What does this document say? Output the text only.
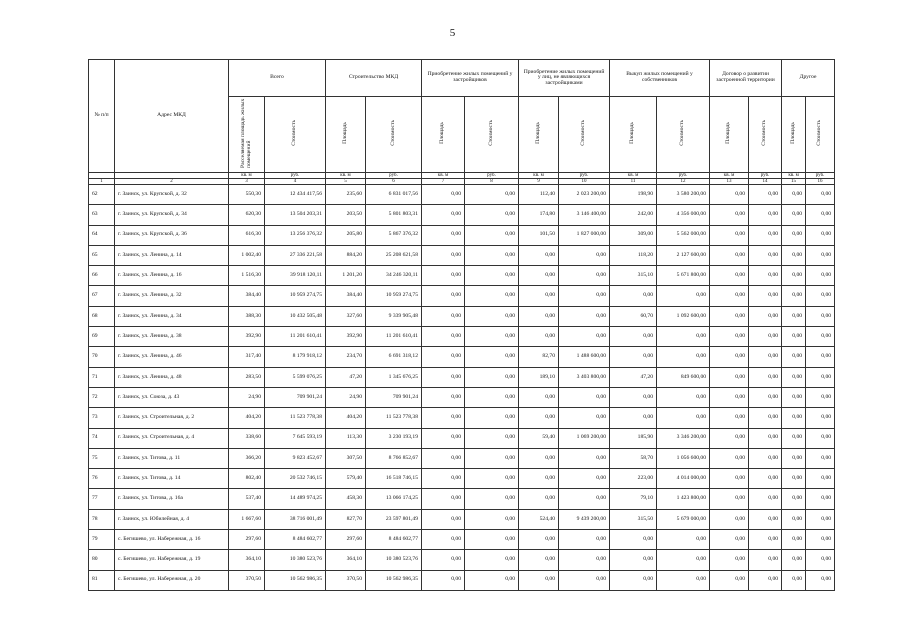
5
№ п/п	Адрес МКД	Всего		Строительство МКД		Приобретение жилых помещений у застройщиков		Приобретение жилых помещений у лиц, не являющихся застройщиками		Выкуп жилых помещений у собственников		Договор о развитии застроенной территории		Другое	
		Расселяемая площадь жилых помещений	Стоимость	Площадь	Стоимость	Площадь	Стоимость	Площадь	Стоимость	Площадь	Стоимость	Площадь	Стоимость	Площадь	Стоимость
		кв. м	руб.	кв. м	руб.	кв. м	руб.	кв. м	руб.	кв. м	руб.	кв. м	руб.	кв. м	руб.
1	2	3	4	5	6	7	8	9	10	11	12	13	14	15	16
62	г. Заинск, ул. Крупской, д. 32	550,30	12 434 417,56	235,60	6 831 017,56	0,00	0,00	112,40	2 023 200,00	198,90	3 580 200,00	0,00	0,00	0,00	0,00
63	г. Заинск, ул. Крупской, д. 34	620,30	13 504 203,31	203,50	5 801 803,31	0,00	0,00	174,80	3 146 400,00	242,00	4 356 000,00	0,00	0,00	0,00	0,00
64	г. Заинск, ул. Крупской, д. 36	616,30	13 256 376,32	205,80	5 867 376,32	0,00	0,00	101,50	1 827 000,00	309,00	5 562 000,00	0,00	0,00	0,00	0,00
65	г. Заинск, ул. Ленина, д. 14	1 002,40	27 336 221,58	884,20	25 208 621,58	0,00	0,00	0,00	0,00	118,20	2 127 600,00	0,00	0,00	0,00	0,00
66	г. Заинск, ул. Ленина, д. 16	1 516,30	39 918 120,11	1 201,20	34 246 320,11	0,00	0,00	0,00	0,00	315,10	5 671 800,00	0,00	0,00	0,00	0,00
67	г. Заинск, ул. Ленина, д. 32	384,40	10 959 274,75	384,40	10 959 274,75	0,00	0,00	0,00	0,00	0,00	0,00	0,00	0,00	0,00	0,00
68	г. Заинск, ул. Ленина, д. 34	388,30	10 432 505,48	327,60	9 339 905,48	0,00	0,00	0,00	0,00	60,70	1 092 600,00	0,00	0,00	0,00	0,00
69	г. Заинск, ул. Ленина, д. 38	392,90	11 201 610,41	392,90	11 201 610,41	0,00	0,00	0,00	0,00	0,00	0,00	0,00	0,00	0,00	0,00
70	г. Заинск, ул. Ленина, д. 46	317,40	8 179 918,12	234,70	6 691 318,12	0,00	0,00	82,70	1 488 600,00	0,00	0,00	0,00	0,00	0,00	0,00
71	г. Заинск, ул. Ленина, д. 48	283,50	5 599 076,25	47,20	1 345 676,25	0,00	0,00	189,10	3 403 800,00	47,20	849 600,00	0,00	0,00	0,00	0,00
72	г. Заинск, ул. Союза, д. 43	24,90	709 901,24	24,90	709 901,24	0,00	0,00	0,00	0,00	0,00	0,00	0,00	0,00	0,00	0,00
73	г. Заинск, ул. Строительная, д. 2	404,20	11 523 778,38	404,20	11 523 778,38	0,00	0,00	0,00	0,00	0,00	0,00	0,00	0,00	0,00	0,00
74	г. Заинск, ул. Строительная, д. 4	338,60	7 645 593,19	113,30	3 230 193,19	0,00	0,00	59,40	1 069 200,00	185,90	3 346 200,00	0,00	0,00	0,00	0,00
75	г. Заинск, ул. Титова, д. 11	366,20	9 823 452,67	307,50	8 766 852,67	0,00	0,00	0,00	0,00	58,70	1 056 600,00	0,00	0,00	0,00	0,00
76	г. Заинск, ул. Титова, д. 14	802,40	20 532 746,15	579,40	16 518 746,15	0,00	0,00	0,00	0,00	223,00	4 014 000,00	0,00	0,00	0,00	0,00
77	г. Заинск, ул. Титова, д. 16а	537,40	14 489 974,25	458,30	13 066 174,25	0,00	0,00	0,00	0,00	79,10	1 423 800,00	0,00	0,00	0,00	0,00
78	г. Заинск, ул. Юбилейная, д. 4	1 667,60	38 716 001,49	827,70	23 597 801,49	0,00	0,00	524,40	9 439 200,00	315,50	5 679 000,00	0,00	0,00	0,00	0,00
79	с. Бегишево, ул. Набережная, д. 16	297,60	8 484 602,77	297,60	8 484 602,77	0,00	0,00	0,00	0,00	0,00	0,00	0,00	0,00	0,00	0,00
80	с. Бегишево, ул. Набережная, д. 19	364,10	10 380 523,76	364,10	10 380 523,76	0,00	0,00	0,00	0,00	0,00	0,00	0,00	0,00	0,00	0,00
81	с. Бегишево, ул. Набережная, д. 20	370,50	10 562 986,35	370,50	10 562 986,35	0,00	0,00	0,00	0,00	0,00	0,00	0,00	0,00	0,00	0,00
